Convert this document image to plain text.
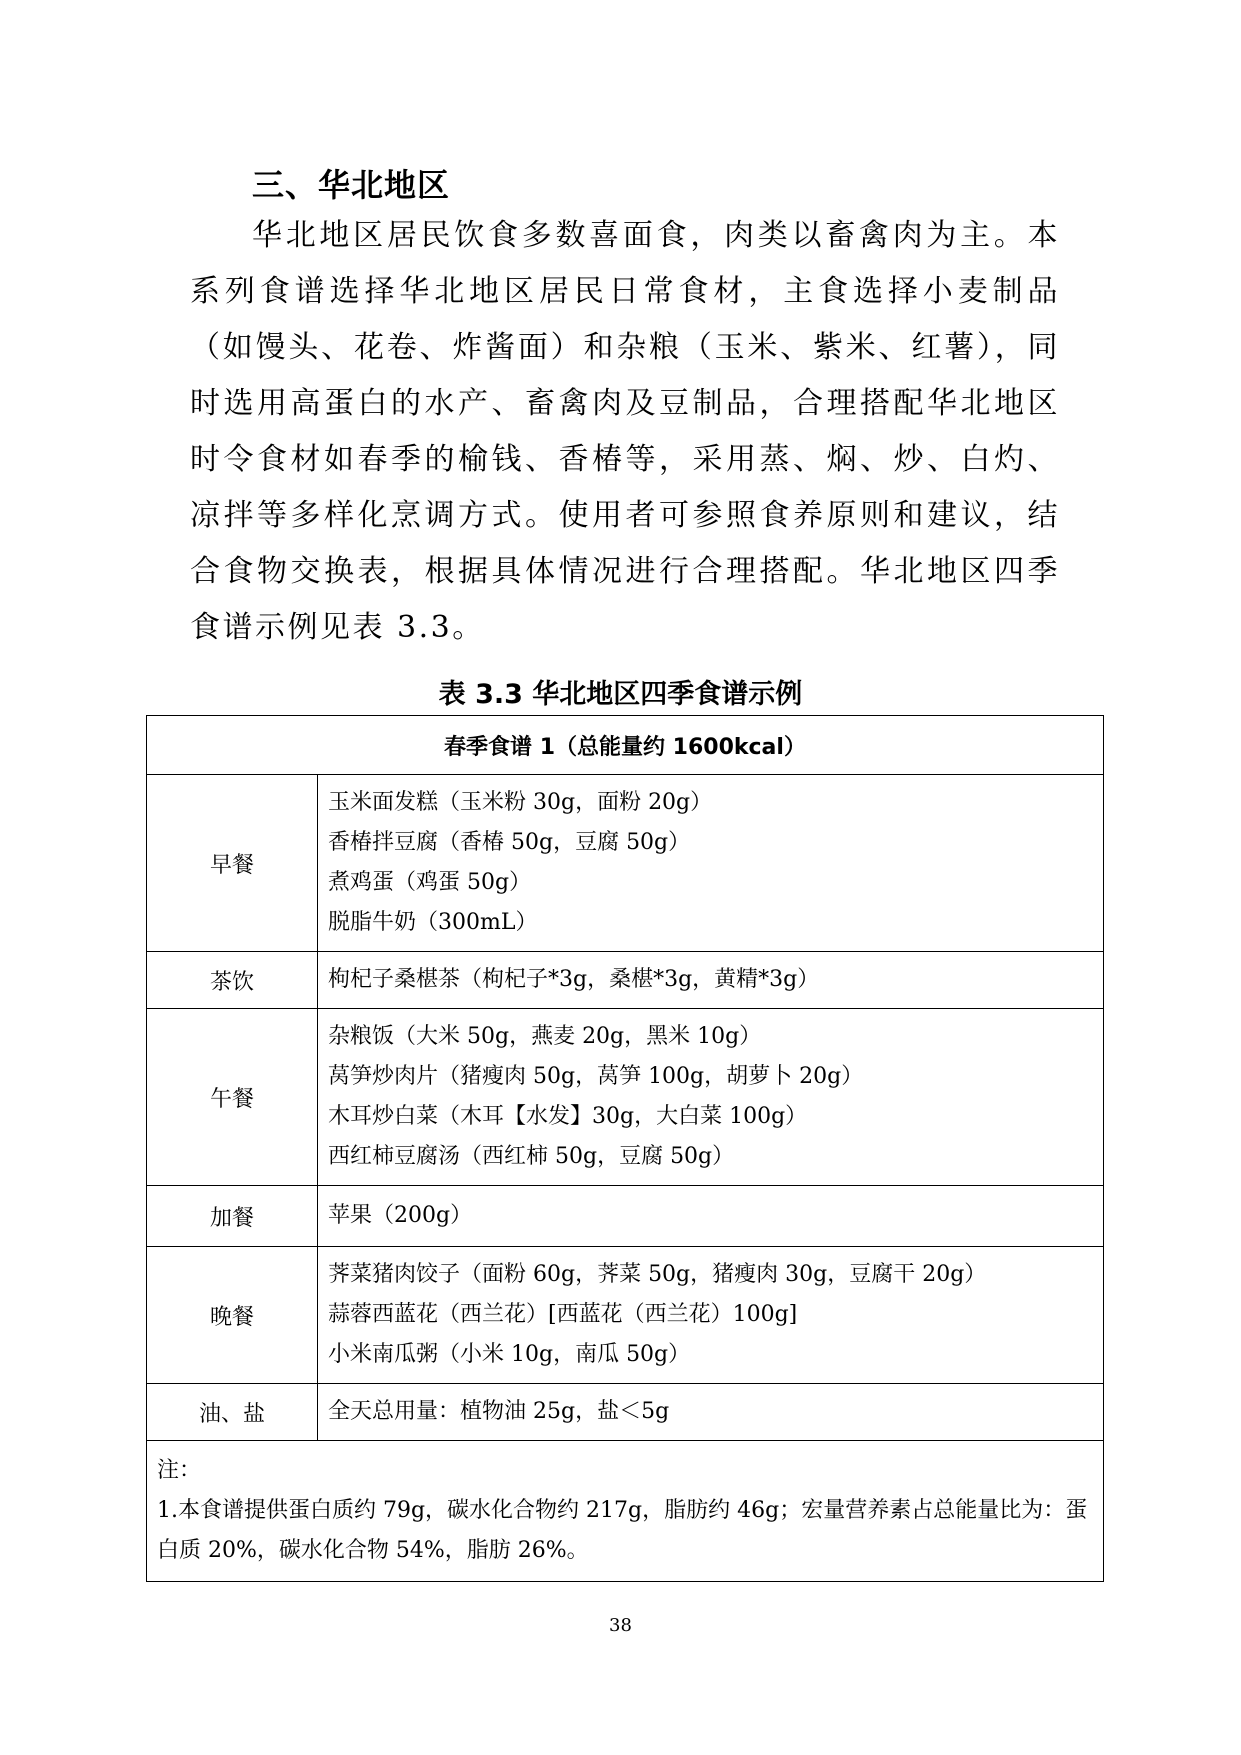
三、华北地区

华北地区居民饮食多数喜面食，肉类以畜禽肉为主。本系列食谱选择华北地区居民日常食材，主食选择小麦制品（如馒头、花卷、炸酱面）和杂粮（玉米、紫米、红薯），同时选用高蛋白的水产、畜禽肉及豆制品，合理搭配华北地区时令食材如春季的榆钱、香椿等，采用蒸、焖、炒、白灼、凉拌等多样化烹调方式。使用者可参照食养原则和建议，结合食物交换表，根据具体情况进行合理搭配。华北地区四季食谱示例见表 3.3。

表 3.3 华北地区四季食谱示例
春季食谱 1（总能量约 1600kcal）	
早餐	玉米面发糕（玉米粉 30g，面粉 20g）
香椿拌豆腐（香椿 50g，豆腐 50g）
煮鸡蛋（鸡蛋 50g）
脱脂牛奶（300mL）

茶饮	枸杞子桑椹茶（枸杞子*3g，桑椹*3g，黄精*3g）

午餐	杂粮饭（大米 50g，燕麦 20g，黑米 10g）
莴笋炒肉片（猪瘦肉 50g，莴笋 100g，胡萝卜 20g）
木耳炒白菜（木耳【水发】30g，大白菜 100g）
西红柿豆腐汤（西红柿 50g，豆腐 50g）

加餐	苹果（200g）

晚餐	荠菜猪肉饺子（面粉 60g，荠菜 50g，猪瘦肉 30g，豆腐干 20g）
蒜蓉西蓝花（西兰花）[西蓝花（西兰花）100g]
小米南瓜粥（小米 10g，南瓜 50g）

油、盐	全天总用量：植物油 25g，盐＜5g

注：
1.本食谱提供蛋白质约 79g，碳水化合物约 217g，脂肪约 46g；宏量营养素占总能量比为：蛋白质 20%，碳水化合物 54%，脂肪 26%。	
38
